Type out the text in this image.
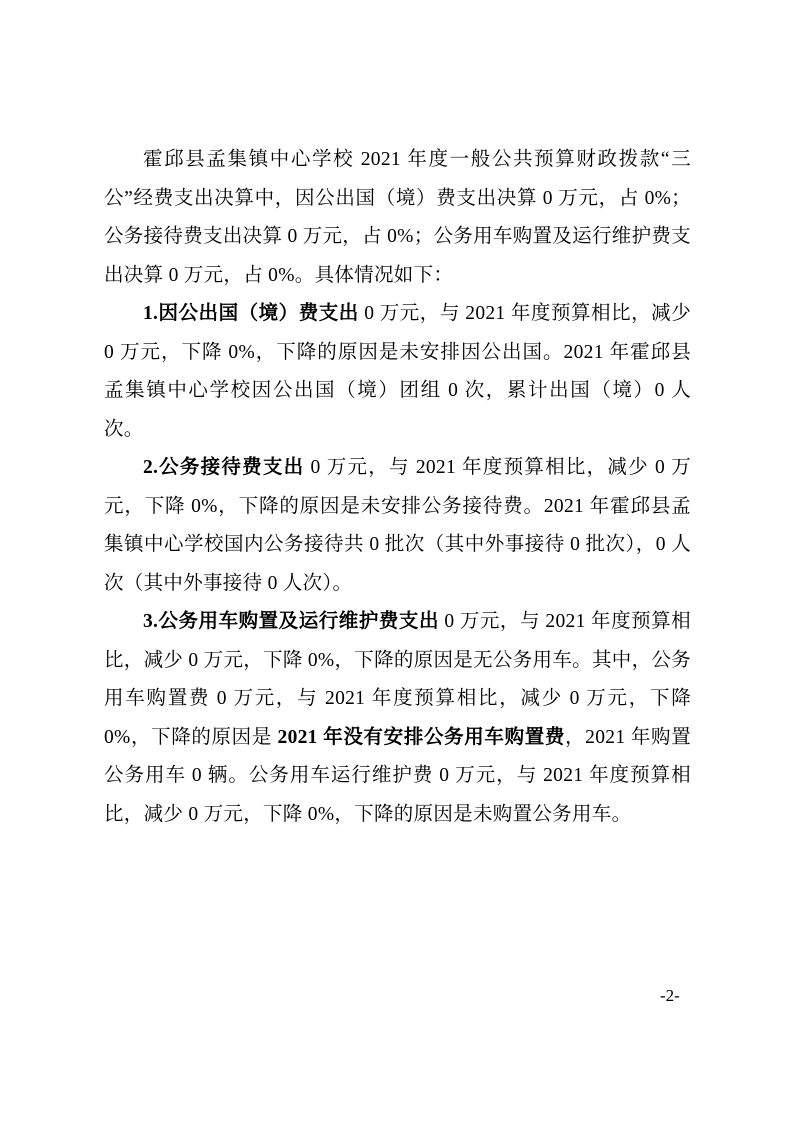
霍邱县孟集镇中心学校 2021 年度一般公共预算财政拨款“三公”经费支出决算中，因公出国（境）费支出决算 0 万元，占 0%；公务接待费支出决算 0 万元，占 0%；公务用车购置及运行维护费支出决算 0 万元，占 0%。具体情况如下：

1.因公出国（境）费支出 0 万元，与 2021 年度预算相比，减少 0 万元，下降 0%，下降的原因是未安排因公出国。2021 年霍邱县孟集镇中心学校因公出国（境）团组 0 次，累计出国（境）0 人次。

2.公务接待费支出 0 万元，与 2021 年度预算相比，减少 0 万元，下降 0%，下降的原因是未安排公务接待费。2021 年霍邱县孟集镇中心学校国内公务接待共 0 批次（其中外事接待 0 批次），0 人次（其中外事接待 0 人次）。

3.公务用车购置及运行维护费支出 0 万元，与 2021 年度预算相比，减少 0 万元，下降 0%，下降的原因是无公务用车。其中，公务用车购置费 0 万元，与 2021 年度预算相比，减少 0 万元，下降 0%，下降的原因是 2021 年没有安排公务用车购置费，2021 年购置公务用车 0 辆。公务用车运行维护费 0 万元，与 2021 年度预算相比，减少 0 万元，下降 0%，下降的原因是未购置公务用车。

-2-
